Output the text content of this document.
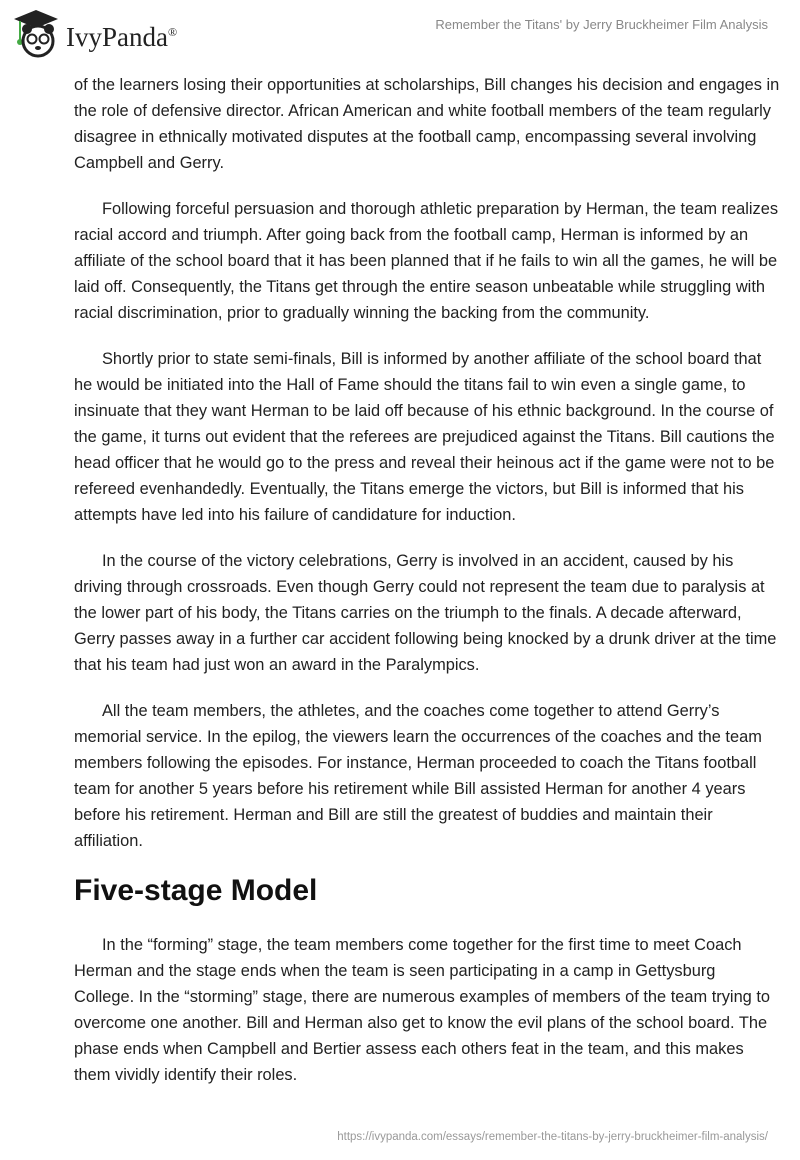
IvyPanda®	Remember the Titans' by Jerry Bruckheimer Film Analysis

of the learners losing their opportunities at scholarships, Bill changes his decision and engages in the role of defensive director. African American and white football members of the team regularly disagree in ethnically motivated disputes at the football camp, encompassing several involving Campbell and Gerry.

Following forceful persuasion and thorough athletic preparation by Herman, the team realizes racial accord and triumph. After going back from the football camp, Herman is informed by an affiliate of the school board that it has been planned that if he fails to win all the games, he will be laid off. Consequently, the Titans get through the entire season unbeatable while struggling with racial discrimination, prior to gradually winning the backing from the community.

Shortly prior to state semi-finals, Bill is informed by another affiliate of the school board that he would be initiated into the Hall of Fame should the titans fail to win even a single game, to insinuate that they want Herman to be laid off because of his ethnic background. In the course of the game, it turns out evident that the referees are prejudiced against the Titans. Bill cautions the head officer that he would go to the press and reveal their heinous act if the game were not to be refereed evenhandedly. Eventually, the Titans emerge the victors, but Bill is informed that his attempts have led into his failure of candidature for induction.

In the course of the victory celebrations, Gerry is involved in an accident, caused by his driving through crossroads. Even though Gerry could not represent the team due to paralysis at the lower part of his body, the Titans carries on the triumph to the finals. A decade afterward, Gerry passes away in a further car accident following being knocked by a drunk driver at the time that his team had just won an award in the Paralympics.

All the team members, the athletes, and the coaches come together to attend Gerry’s memorial service. In the epilog, the viewers learn the occurrences of the coaches and the team members following the episodes. For instance, Herman proceeded to coach the Titans football team for another 5 years before his retirement while Bill assisted Herman for another 4 years before his retirement. Herman and Bill are still the greatest of buddies and maintain their affiliation.

Five-stage Model

In the “forming” stage, the team members come together for the first time to meet Coach Herman and the stage ends when the team is seen participating in a camp in Gettysburg College. In the “storming” stage, there are numerous examples of members of the team trying to overcome one another. Bill and Herman also get to know the evil plans of the school board. The phase ends when Campbell and Bertier assess each others feat in the team, and this makes them vividly identify their roles.

https://ivypanda.com/essays/remember-the-titans-by-jerry-bruckheimer-film-analysis/
